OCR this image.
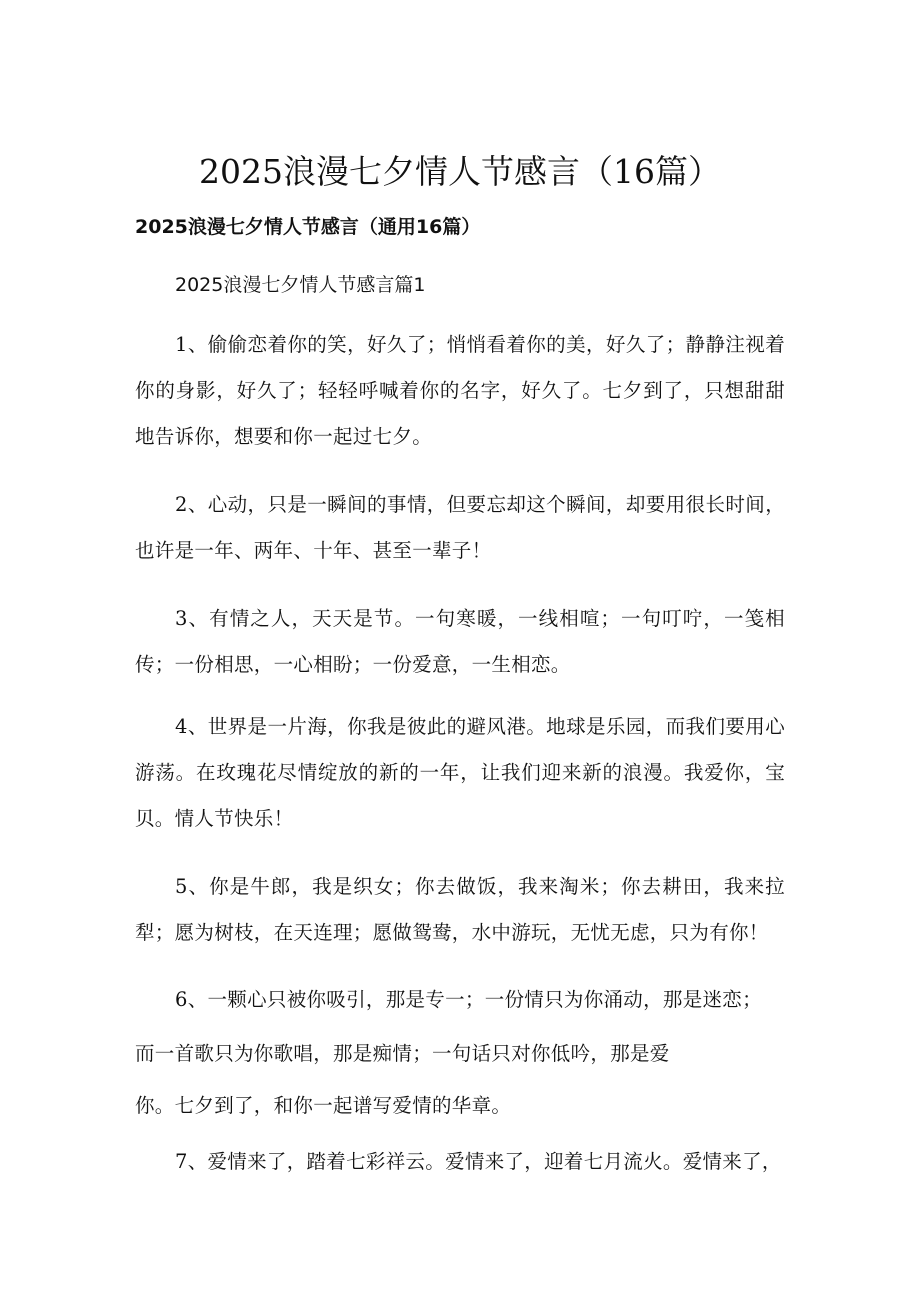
2025浪漫七夕情人节感言（16篇）
2025浪漫七夕情人节感言（通用16篇）
2025浪漫七夕情人节感言篇1

1、偷偷恋着你的笑，好久了；悄悄看着你的美，好久了；静静注视着你的身影，好久了；轻轻呼喊着你的名字，好久了。七夕到了，只想甜甜地告诉你，想要和你一起过七夕。

2、心动，只是一瞬间的事情，但要忘却这个瞬间，却要用很长时间，也许是一年、两年、十年、甚至一辈子！

3、有情之人，天天是节。一句寒暖，一线相喧；一句叮咛，一笺相传；一份相思，一心相盼；一份爱意，一生相恋。

4、世界是一片海，你我是彼此的避风港。地球是乐园，而我们要用心游荡。在玫瑰花尽情绽放的新的一年，让我们迎来新的浪漫。我爱你，宝贝。情人节快乐！

5、你是牛郎，我是织女；你去做饭，我来淘米；你去耕田，我来拉犁；愿为树枝，在天连理；愿做鸳鸯，水中游玩，无忧无虑，只为有你！

6、一颗心只被你吸引，那是专一；一份情只为你涌动，那是迷恋；
而一首歌只为你歌唱，那是痴情；一句话只对你低吟，那是爱
你。七夕到了，和你一起谱写爱情的华章。
7、爱情来了，踏着七彩祥云。爱情来了，迎着七月流火。爱情来了，
